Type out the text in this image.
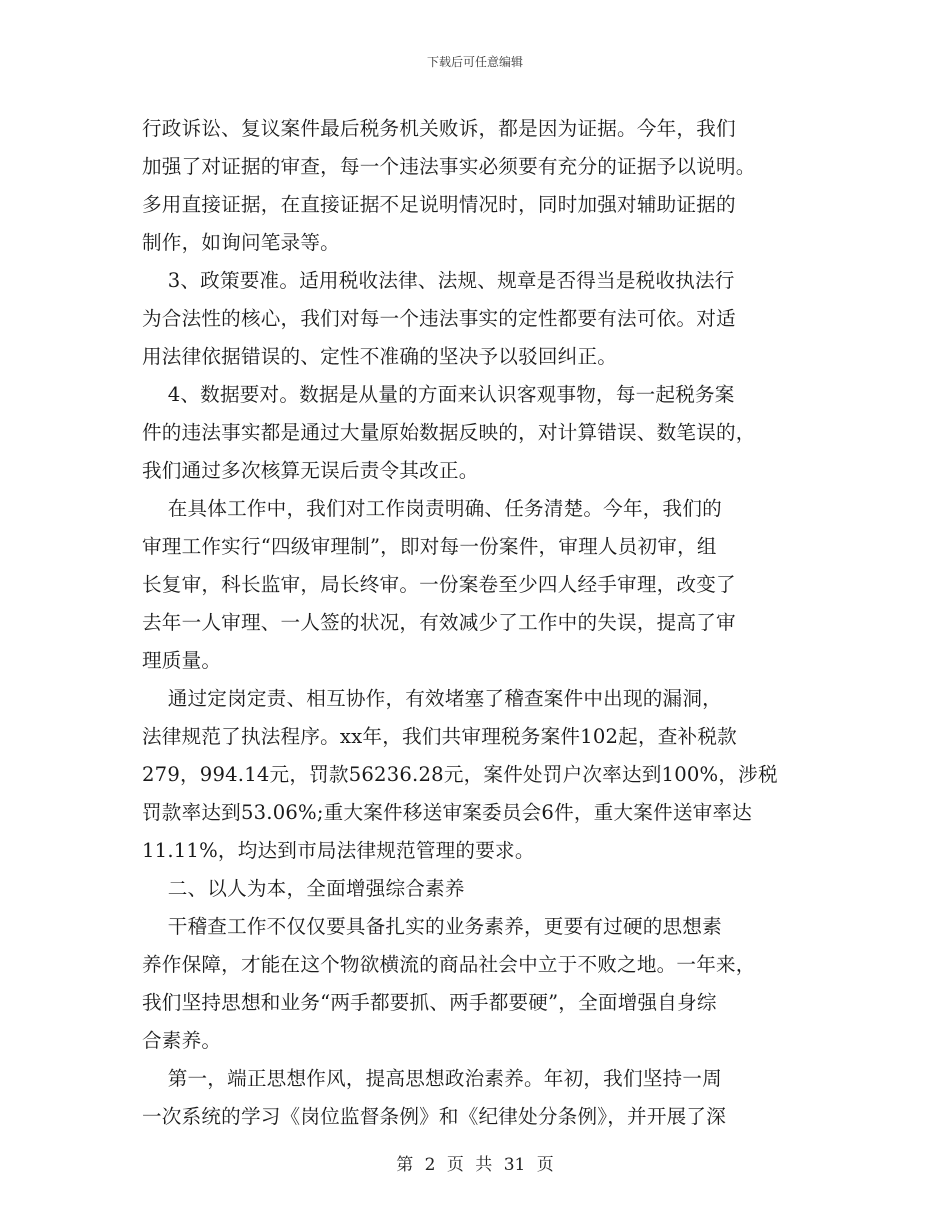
下载后可任意编辑
行政诉讼、复议案件最后税务机关败诉，都是因为证据。今年，我们
加强了对证据的审查，每一个违法事实必须要有充分的证据予以说明。
多用直接证据，在直接证据不足说明情况时，同时加强对辅助证据的
制作，如询问笔录等。
3、政策要准。适用税收法律、法规、规章是否得当是税收执法行
为合法性的核心，我们对每一个违法事实的定性都要有法可依。对适
用法律依据错误的、定性不准确的坚决予以驳回纠正。
4、数据要对。数据是从量的方面来认识客观事物，每一起税务案
件的违法事实都是通过大量原始数据反映的，对计算错误、数笔误的，
我们通过多次核算无误后责令其改正。
在具体工作中，我们对工作岗责明确、任务清楚。今年，我们的
审理工作实行“四级审理制”，即对每一份案件，审理人员初审，组
长复审，科长监审，局长终审。一份案卷至少四人经手审理，改变了
去年一人审理、一人签的状况，有效减少了工作中的失误，提高了审
理质量。
通过定岗定责、相互协作，有效堵塞了稽查案件中出现的漏洞，
法律规范了执法程序。xx年，我们共审理税务案件102起，查补税款
279，994.14元，罚款56236.28元，案件处罚户次率达到100%，涉税
罚款率达到53.06%;重大案件移送审案委员会6件，重大案件送审率达
11.11%，均达到市局法律规范管理的要求。
二、以人为本，全面增强综合素养
干稽查工作不仅仅要具备扎实的业务素养，更要有过硬的思想素
养作保障，才能在这个物欲横流的商品社会中立于不败之地。一年来，
我们坚持思想和业务“两手都要抓、两手都要硬”，全面增强自身综
合素养。
第一，端正思想作风，提高思想政治素养。年初，我们坚持一周
一次系统的学习《岗位监督条例》和《纪律处分条例》，并开展了深
第 2 页 共 31 页
